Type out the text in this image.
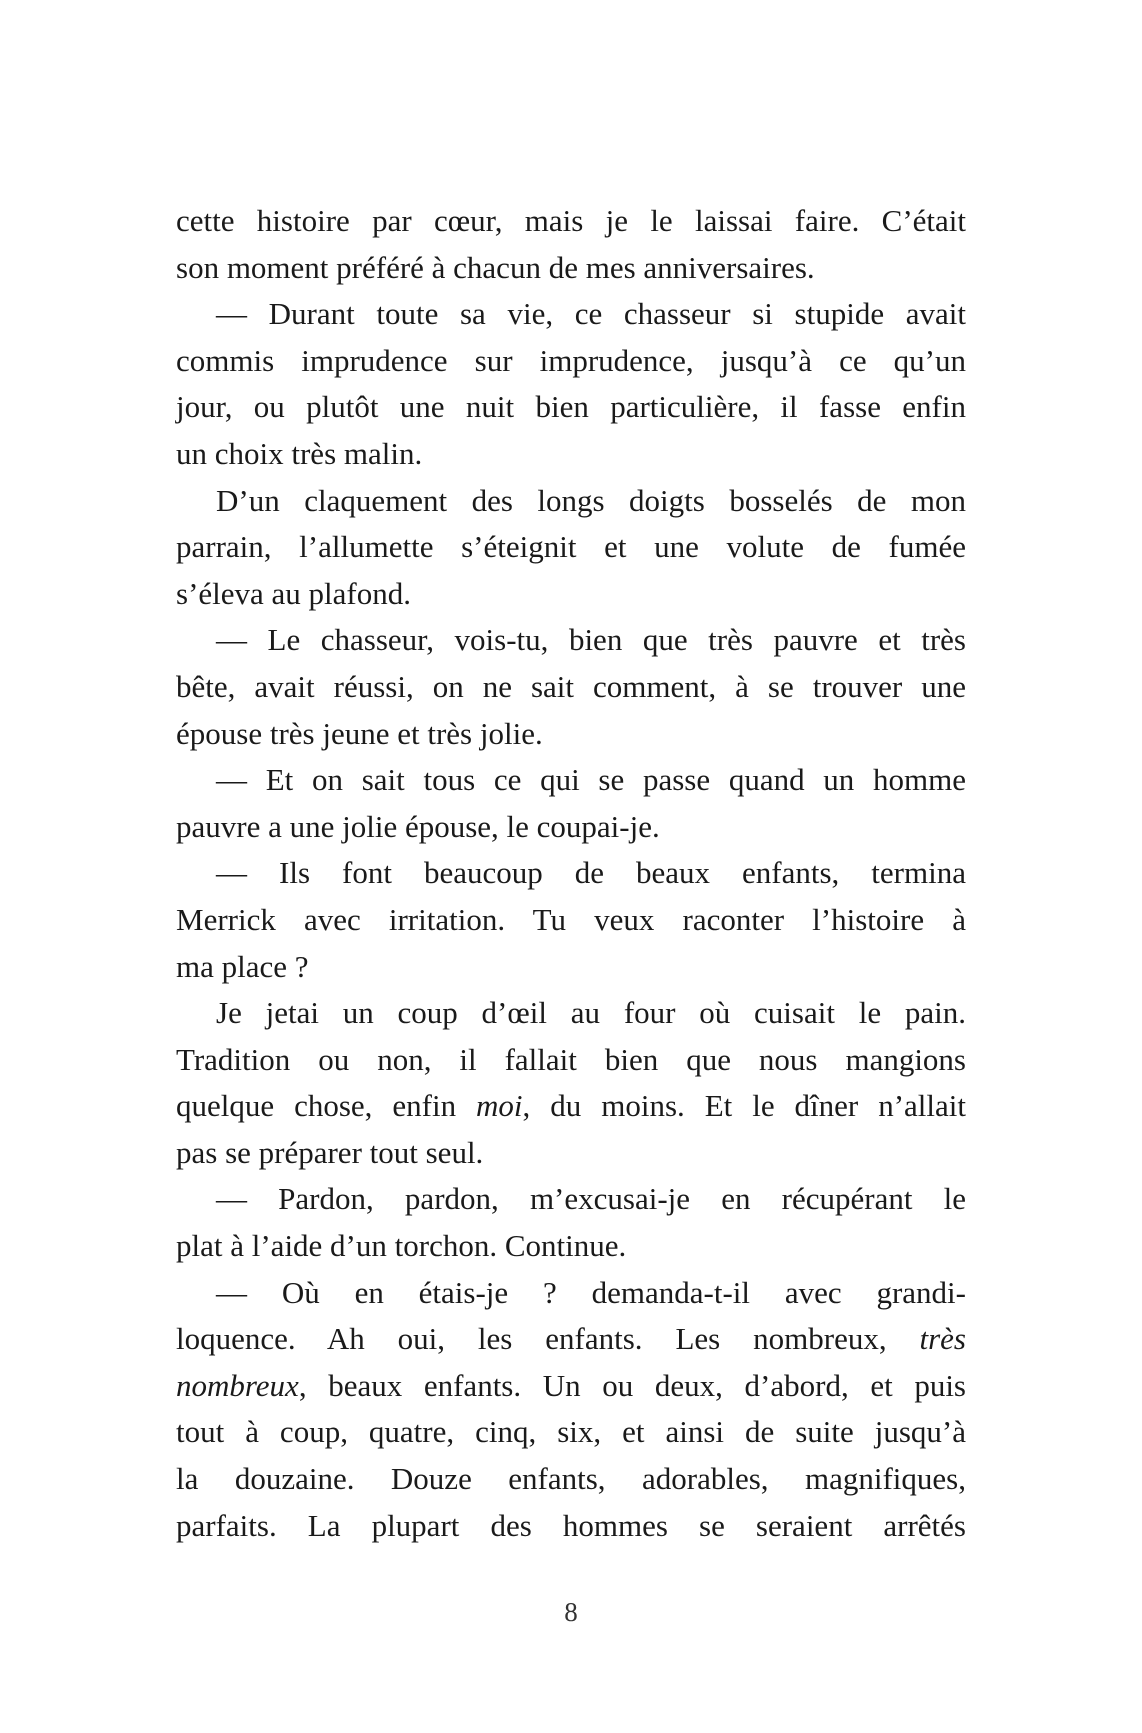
cette histoire par cœur, mais je le laissai faire. C’était
son moment préféré à chacun de mes anniversaires.
— Durant toute sa vie, ce chasseur si stupide avait
commis imprudence sur imprudence, jusqu’à ce qu’un
jour, ou plutôt une nuit bien particulière, il fasse enfin
un choix très malin.
D’un claquement des longs doigts bosselés de mon
parrain, l’allumette s’éteignit et une volute de fumée
s’éleva au plafond.
— Le chasseur, vois-tu, bien que très pauvre et très
bête, avait réussi, on ne sait comment, à se trouver une
épouse très jeune et très jolie.
— Et on sait tous ce qui se passe quand un homme
pauvre a une jolie épouse, le coupai-je.
— Ils font beaucoup de beaux enfants, termina
Merrick avec irritation. Tu veux raconter l’histoire à
ma place ?
Je jetai un coup d’œil au four où cuisait le pain.
Tradition ou non, il fallait bien que nous mangions
quelque chose, enfin moi, du moins. Et le dîner n’allait
pas se préparer tout seul.
— Pardon, pardon, m’excusai-je en récupérant le
plat à l’aide d’un torchon. Continue.
— Où en étais-je ? demanda-t-il avec grandi-
loquence. Ah oui, les enfants. Les nombreux, très
nombreux, beaux enfants. Un ou deux, d’abord, et puis
tout à coup, quatre, cinq, six, et ainsi de suite jusqu’à
la douzaine. Douze enfants, adorables, magnifiques,
parfaits. La plupart des hommes se seraient arrêtés
8
